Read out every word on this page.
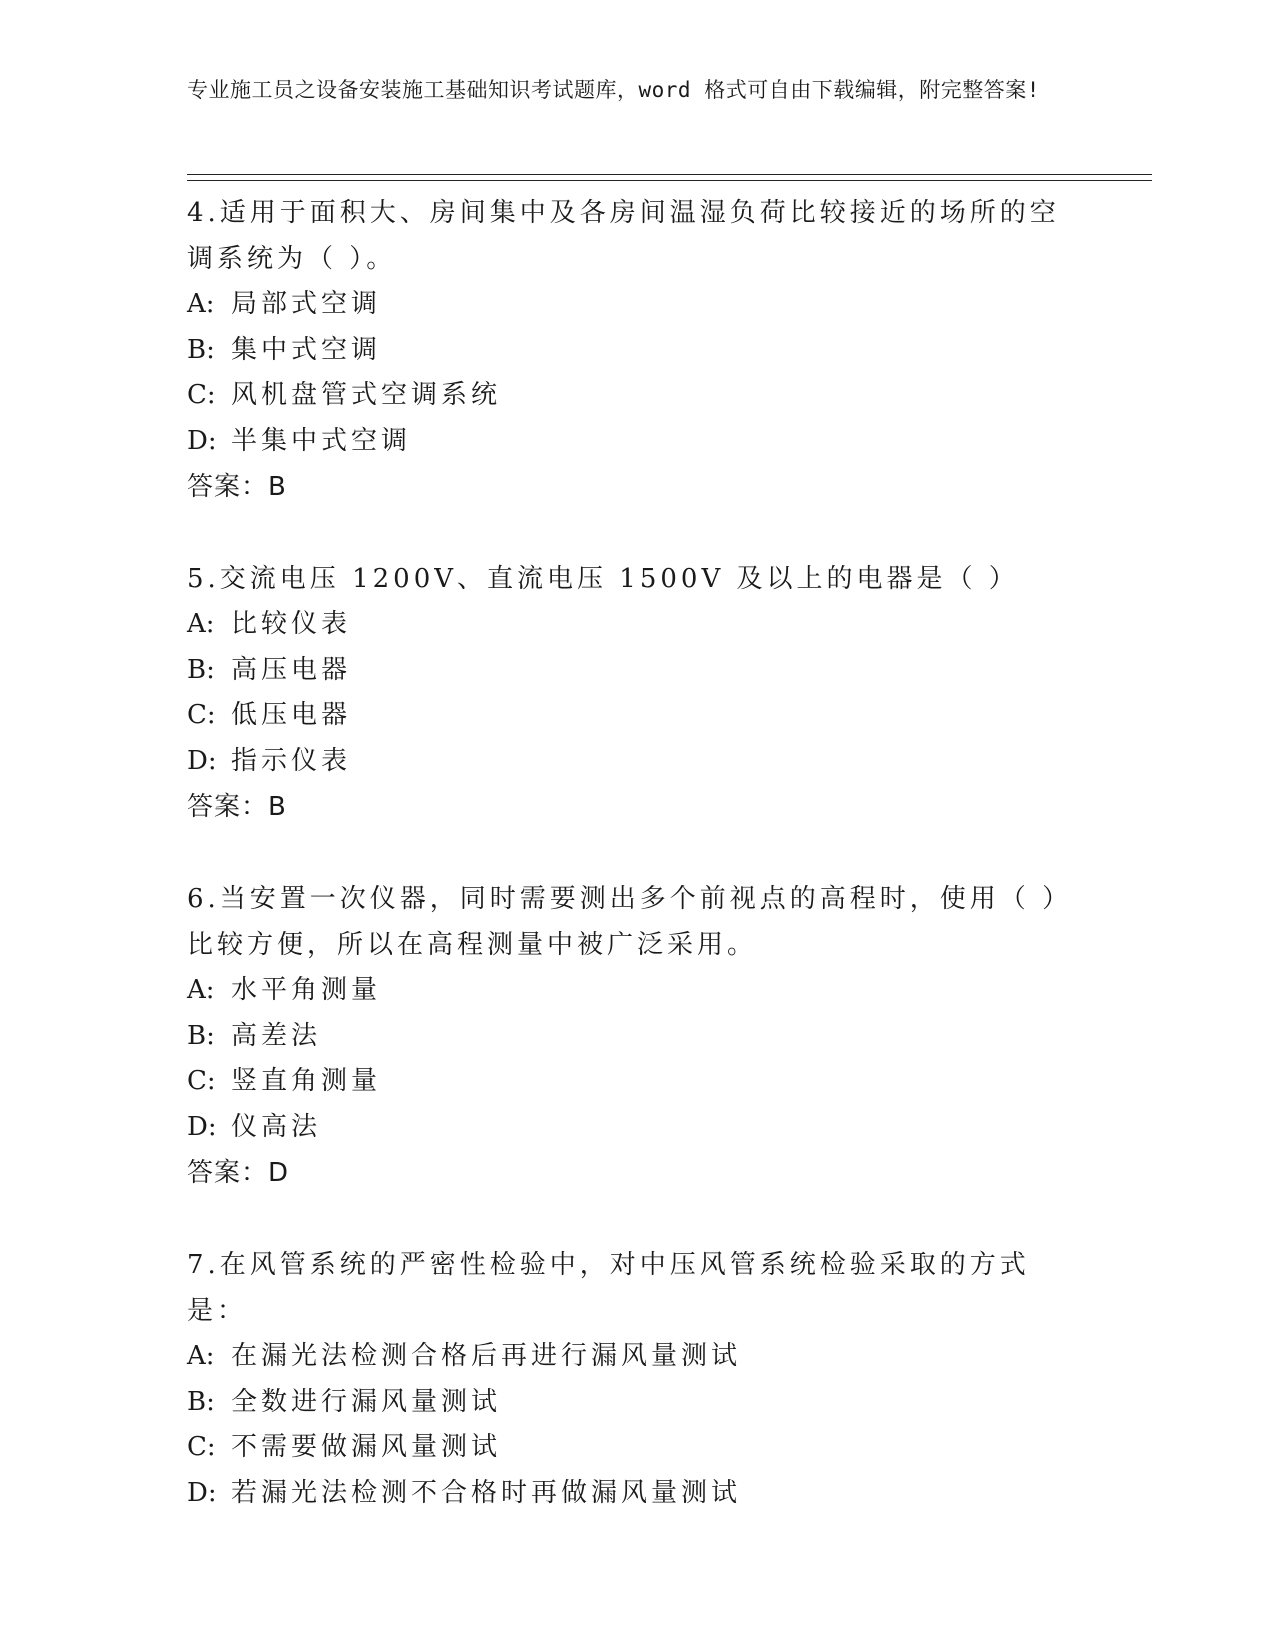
专业施工员之设备安装施工基础知识考试题库，word 格式可自由下载编辑，附完整答案!

4.适用于面积大、房间集中及各房间温湿负荷比较接近的场所的空调系统为（ ）。

A: 局部式空调
B: 集中式空调
C: 风机盘管式空调系统
D: 半集中式空调
答案：B

5.交流电压 1200V、直流电压 1500V 及以上的电器是（ ）

A: 比较仪表
B: 高压电器
C: 低压电器
D: 指示仪表
答案：B

6.当安置一次仪器，同时需要测出多个前视点的高程时，使用（ ）比较方便，所以在高程测量中被广泛采用。

A: 水平角测量
B: 高差法
C: 竖直角测量
D: 仪高法
答案：D

7.在风管系统的严密性检验中，对中压风管系统检验采取的方式是：

A: 在漏光法检测合格后再进行漏风量测试
B: 全数进行漏风量测试
C: 不需要做漏风量测试
D: 若漏光法检测不合格时再做漏风量测试
